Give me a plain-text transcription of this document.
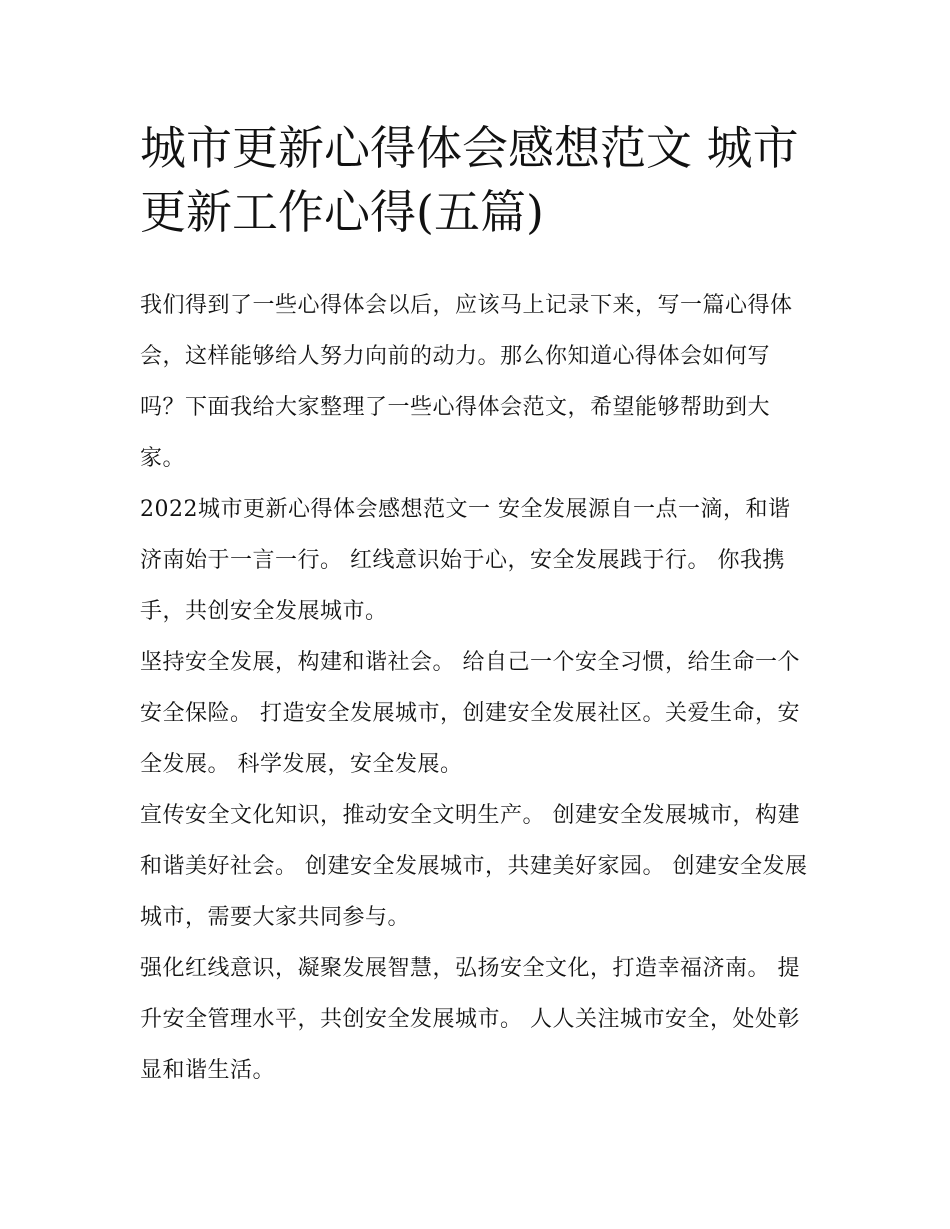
城市更新心得体会感想范文 城市更新工作心得(五篇)

我们得到了一些心得体会以后，应该马上记录下来，写一篇心得体会，这样能够给人努力向前的动力。那么你知道心得体会如何写吗？下面我给大家整理了一些心得体会范文，希望能够帮助到大家。

2022城市更新心得体会感想范文一 安全发展源自一点一滴，和谐济南始于一言一行。 红线意识始于心，安全发展践于行。 你我携手，共创安全发展城市。

坚持安全发展，构建和谐社会。 给自己一个安全习惯，给生命一个安全保险。 打造安全发展城市，创建安全发展社区。关爱生命，安全发展。 科学发展，安全发展。

宣传安全文化知识，推动安全文明生产。 创建安全发展城市，构建和谐美好社会。 创建安全发展城市，共建美好家园。 创建安全发展城市，需要大家共同参与。

强化红线意识，凝聚发展智慧，弘扬安全文化，打造幸福济南。 提升安全管理水平，共创安全发展城市。 人人关注城市安全，处处彰显和谐生活。
